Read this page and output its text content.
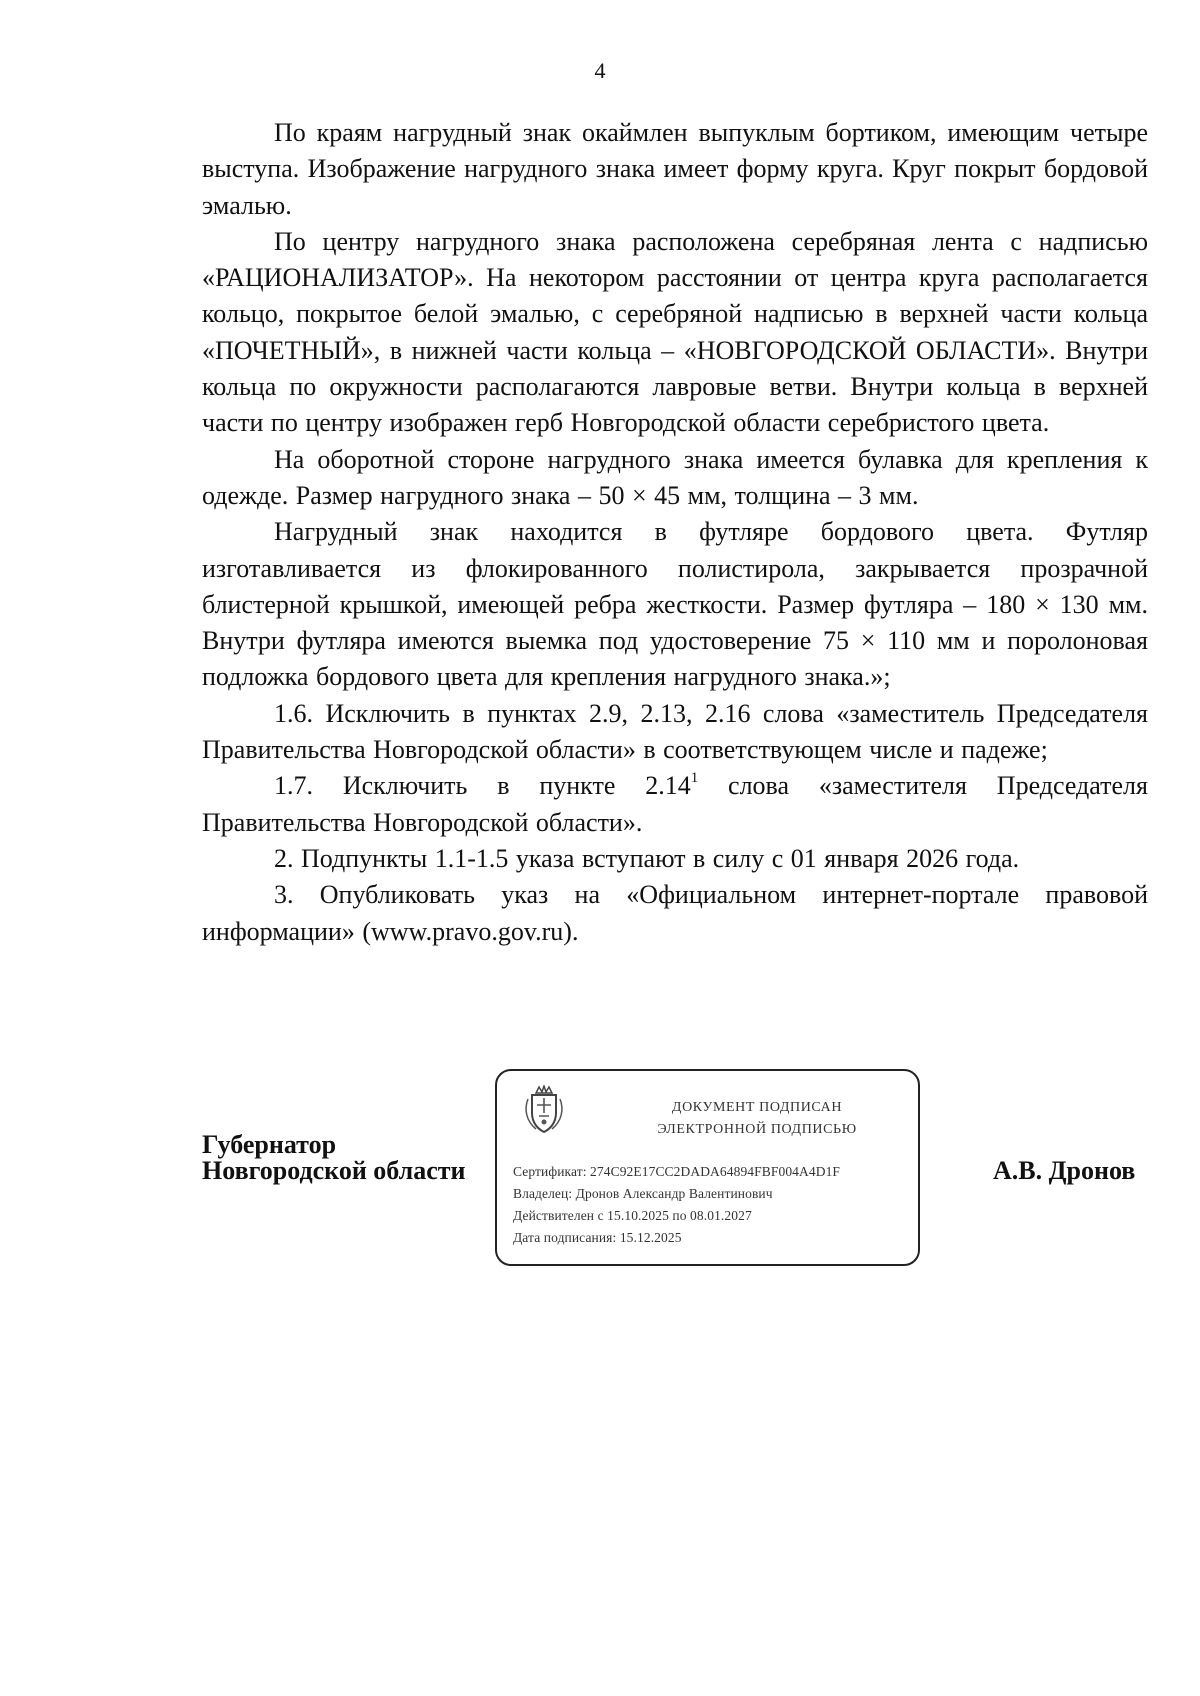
4

По краям нагрудный знак окаймлен выпуклым бортиком, имеющим четыре выступа. Изображение нагрудного знака имеет форму круга. Круг покрыт бордовой эмалью.

По центру нагрудного знака расположена серебряная лента с надписью «РАЦИОНАЛИЗАТОР». На некотором расстоянии от центра круга располагается кольцо, покрытое белой эмалью, с серебряной надписью в верхней части кольца «ПОЧЕТНЫЙ», в нижней части кольца – «НОВГОРОДСКОЙ ОБЛАСТИ». Внутри кольца по окружности располагаются лавровые ветви. Внутри кольца в верхней части по центру изображен герб Новгородской области серебристого цвета.

На оборотной стороне нагрудного знака имеется булавка для крепления к одежде. Размер нагрудного знака – 50 × 45 мм, толщина – 3 мм.

Нагрудный знак находится в футляре бордового цвета. Футляр изготавливается из флокированного полистирола, закрывается прозрачной блистерной крышкой, имеющей ребра жесткости. Размер футляра – 180 × 130 мм. Внутри футляра имеются выемка под удостоверение 75 × 110 мм и поролоновая подложка бордового цвета для крепления нагрудного знака.»;

1.6. Исключить в пунктах 2.9, 2.13, 2.16 слова «заместитель Председателя Правительства Новгородской области» в соответствующем числе и падеже;

1.7. Исключить в пункте 2.14$^1$ слова «заместителя Председателя Правительства Новгородской области».

2. Подпункты 1.1-1.5 указа вступают в силу с 01 января 2026 года.

3. Опубликовать указ на «Официальном интернет-портале правовой информации» (www.pravo.gov.ru).

Губернатор
Новгородской области
ДОКУМЕНТ ПОДПИСАН
ЭЛЕКТРОННОЙ ПОДПИСЬЮ
Сертификат: 274C92E17CC2DADA64894FBF004A4D1F
Владелец: Дронов Александр Валентинович
Действителен с 15.10.2025 по 08.01.2027
Дата подписания: 15.12.2025
А.В. Дронов
